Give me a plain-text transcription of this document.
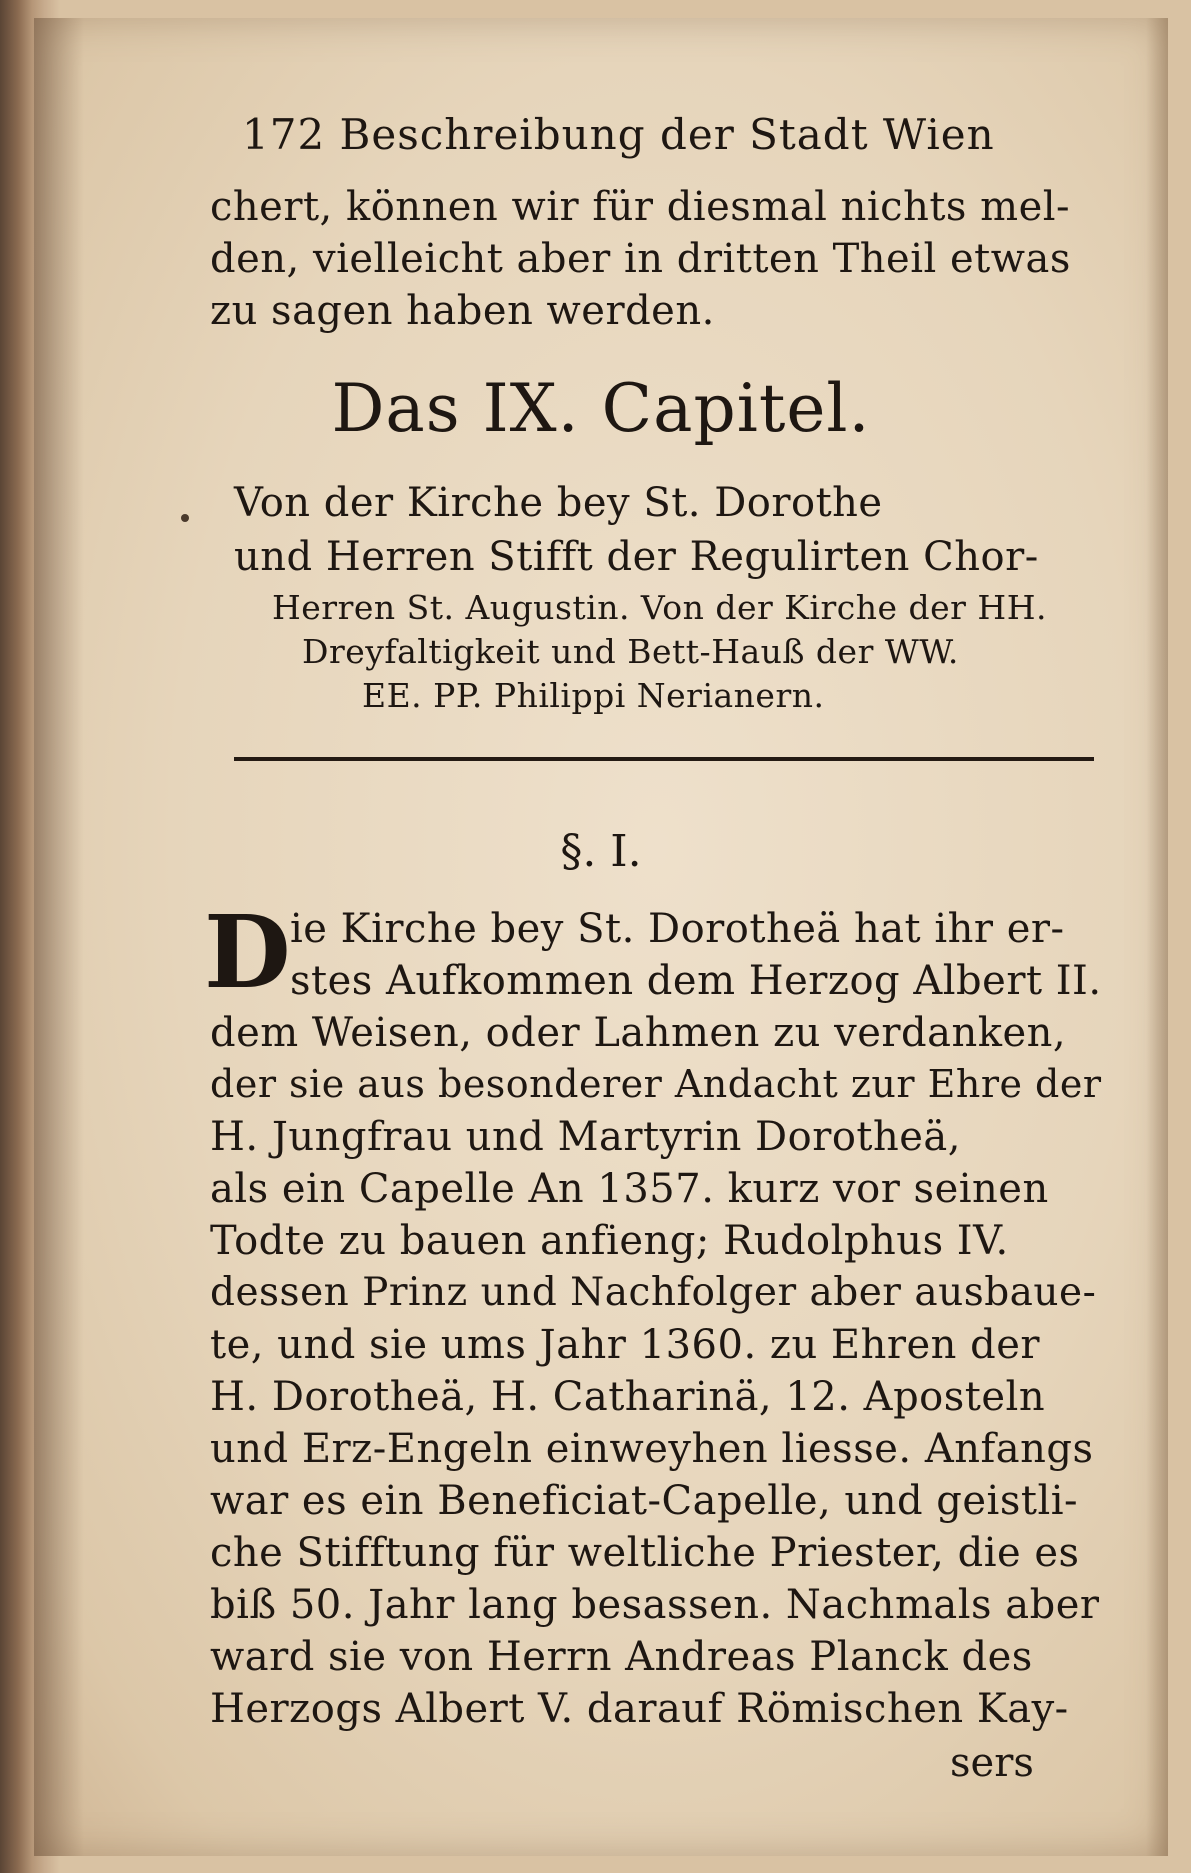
172 Beschreibung der Stadt Wien
chert, können wir für diesmal nichts mel-
den, vielleicht aber in dritten Theil etwas
zu sagen haben werden.
Das IX. Capitel.
Von der Kirche bey St. Dorothe
und Herren Stifft der Regulirten Chor-
Herren St. Augustin. Von der Kirche der HH.
Dreyfaltigkeit und Bett-Hauß der WW.
EE. PP. Philippi Nerianern.
§. I.
D ie Kirche bey St. Dorotheä hat ihr er-
stes Aufkommen dem Herzog Albert II.
dem Weisen, oder Lahmen zu verdanken,
der sie aus besonderer Andacht zur Ehre der
H. Jungfrau und Martyrin Dorotheä,
als ein Capelle An 1357. kurz vor seinen
Todte zu bauen anfieng; Rudolphus IV.
dessen Prinz und Nachfolger aber ausbaue-
te, und sie ums Jahr 1360. zu Ehren der
H. Dorotheä, H. Catharinä, 12. Aposteln
und Erz-Engeln einweyhen liesse. Anfangs
war es ein Beneficiat-Capelle, und geistli-
che Stifftung für weltliche Priester, die es
biß 50. Jahr lang besassen. Nachmals aber
ward sie von Herrn Andreas Planck des
Herzogs Albert V. darauf Römischen Kay-
sers
